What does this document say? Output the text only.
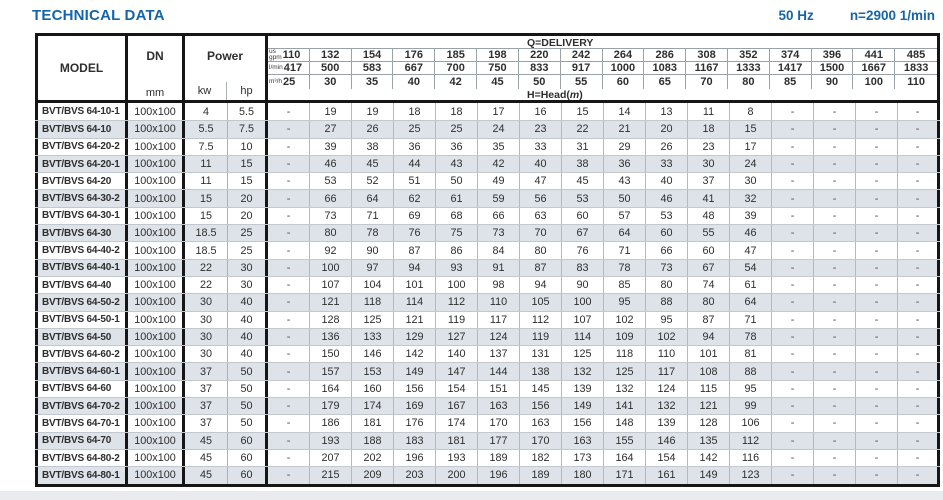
TECHNICAL DATA	50 Hz	n=2900 1/min
MODEL
DN
mm
Power
kw	hp
Q=DELIVERY
us
gpm 110 132 154 176 185 198 220 242 264 286 308 352 374 396 441 485
l/min 417 500 583 667 700 750 833 917 1000 1083 1167 1333 1417 1500 1667 1833
m³/h 25	30	35	40	42	45	50	55	60	65	70	80	85	90 100 110
H=Head(m)
BVT/BVS 64-10-1	100x100	4	5.5	-	19	19	18	18	17	16	15	14	13	11	8	-	-	-	-
BVT/BVS 64-10	100x100	5.5	7.5	-	27	26	25	25	24	23	22	21	20	18	15	-	-	-	-
BVT/BVS 64-20-2	100x100	7.5	10	-	39	38	36	36	35	33	31	29	26	23	17	-	-	-	-
BVT/BVS 64-20-1	100x100	11	15	-	46	45	44	43	42	40	38	36	33	30	24	-	-	-	-
BVT/BVS 64-20	100x100	11	15	-	53	52	51	50	49	47	45	43	40	37	30	-	-	-	-
BVT/BVS 64-30-2	100x100	15	20	-	66	64	62	61	59	56	53	50	46	41	32	-	-	-	-
BVT/BVS 64-30-1	100x100	15	20	-	73	71	69	68	66	63	60	57	53	48	39	-	-	-	-
BVT/BVS 64-30	100x100	18.5	25	-	80	78	76	75	73	70	67	64	60	55	46	-	-	-	-
BVT/BVS 64-40-2	100x100	18.5	25	-	92	90	87	86	84	80	76	71	66	60	47	-	-	-	-
BVT/BVS 64-40-1	100x100	22	30	-	100	97	94	93	91	87	83	78	73	67	54	-	-	-	-
BVT/BVS 64-40	100x100	22	30	-	107	104	101	100	98	94	90	85	80	74	61	-	-	-	-
BVT/BVS 64-50-2	100x100	30	40	-	121	118	114	112	110	105	100	95	88	80	64	-	-	-	-
BVT/BVS 64-50-1	100x100	30	40	-	128	125	121	119	117	112	107	102	95	87	71	-	-	-	-
BVT/BVS 64-50	100x100	30	40	-	136	133	129	127	124	119	114	109	102	94	78	-	-	-	-
BVT/BVS 64-60-2	100x100	30	40	-	150	146	142	140	137	131	125	118	110	101	81	-	-	-	-
BVT/BVS 64-60-1	100x100	37	50	-	157	153	149	147	144	138	132	125	117	108	88	-	-	-	-
BVT/BVS 64-60	100x100	37	50	-	164	160	156	154	151	145	139	132	124	115	95	-	-	-	-
BVT/BVS 64-70-2	100x100	37	50	-	179	174	169	167	163	156	149	141	132	121	99	-	-	-	-
BVT/BVS 64-70-1	100x100	37	50	-	186	181	176	174	170	163	156	148	139	128	106	-	-	-	-
BVT/BVS 64-70	100x100	45	60	-	193	188	183	181	177	170	163	155	146	135	112	-	-	-	-
BVT/BVS 64-80-2	100x100	45	60	-	207	202	196	193	189	182	173	164	154	142	116	-	-	-	-
BVT/BVS 64-80-1	100x100	45	60	-	215	209	203	200	196	189	180	171	161	149	123	-	-	-	-
